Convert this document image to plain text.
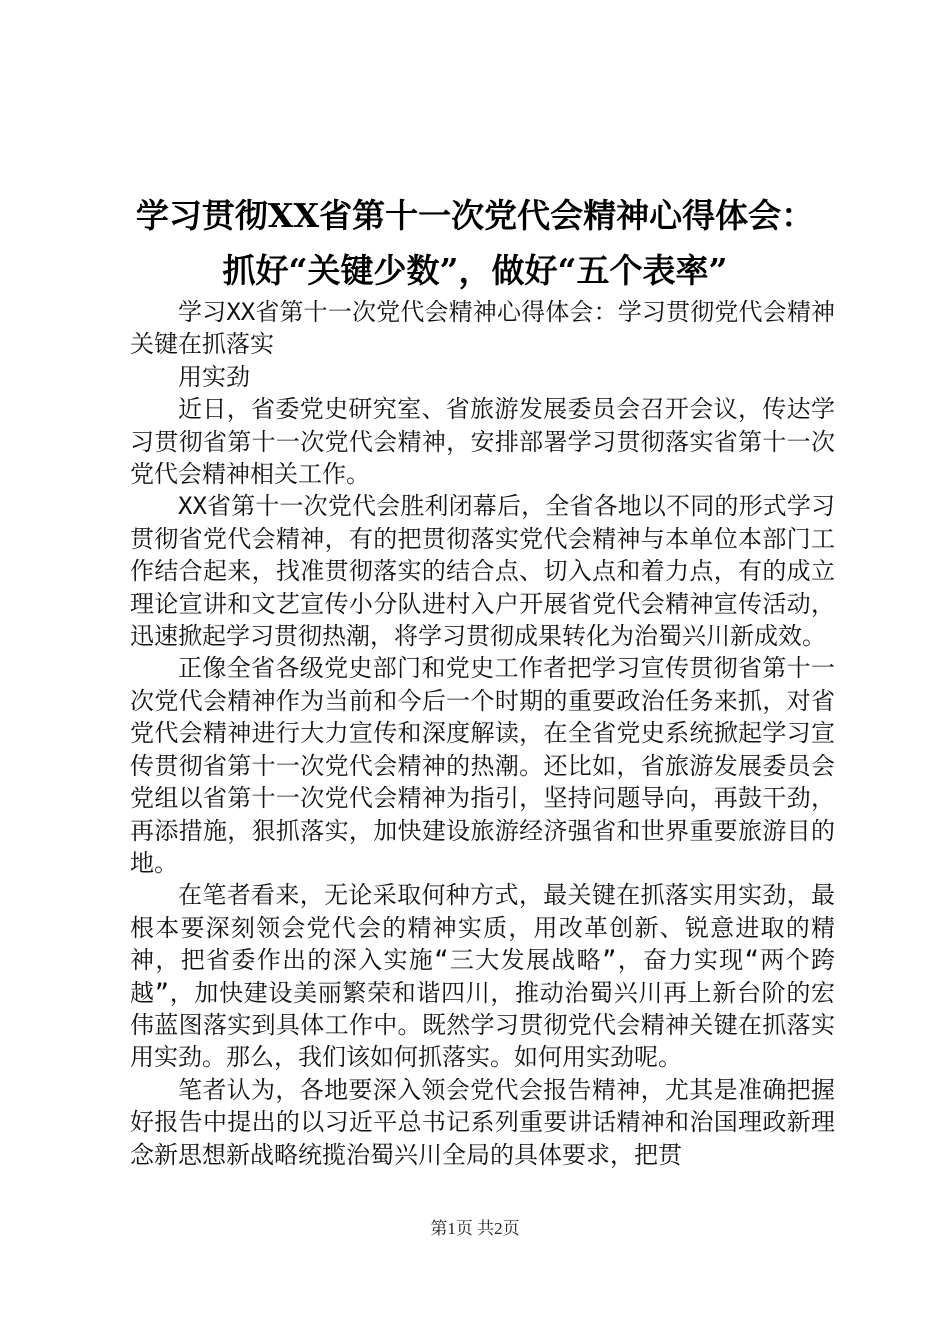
学习贯彻XX省第十一次党代会精神心得体会：
抓好“关键少数”，做好“五个表率”

学习XX省第十一次党代会精神心得体会：学习贯彻党代会精神关键在抓落实

用实劲

近日，省委党史研究室、省旅游发展委员会召开会议，传达学习贯彻省第十一次党代会精神，安排部署学习贯彻落实省第十一次党代会精神相关工作。

XX省第十一次党代会胜利闭幕后，全省各地以不同的形式学习贯彻省党代会精神，有的把贯彻落实党代会精神与本单位本部门工作结合起来，找准贯彻落实的结合点、切入点和着力点，有的成立理论宣讲和文艺宣传小分队进村入户开展省党代会精神宣传活动，迅速掀起学习贯彻热潮，将学习贯彻成果转化为治蜀兴川新成效。

正像全省各级党史部门和党史工作者把学习宣传贯彻省第十一次党代会精神作为当前和今后一个时期的重要政治任务来抓，对省党代会精神进行大力宣传和深度解读，在全省党史系统掀起学习宣传贯彻省第十一次党代会精神的热潮。还比如，省旅游发展委员会党组以省第十一次党代会精神为指引，坚持问题导向，再鼓干劲，再添措施，狠抓落实，加快建设旅游经济强省和世界重要旅游目的地。

在笔者看来，无论采取何种方式，最关键在抓落实用实劲，最根本要深刻领会党代会的精神实质，用改革创新、锐意进取的精神，把省委作出的深入实施“三大发展战略”，奋力实现“两个跨越”，加快建设美丽繁荣和谐四川，推动治蜀兴川再上新台阶的宏伟蓝图落实到具体工作中。既然学习贯彻党代会精神关键在抓落实用实劲。那么，我们该如何抓落实。如何用实劲呢。

笔者认为，各地要深入领会党代会报告精神，尤其是准确把握好报告中提出的以习近平总书记系列重要讲话精神和治国理政新理念新思想新战略统揽治蜀兴川全局的具体要求，把贯

第1页 共2页
